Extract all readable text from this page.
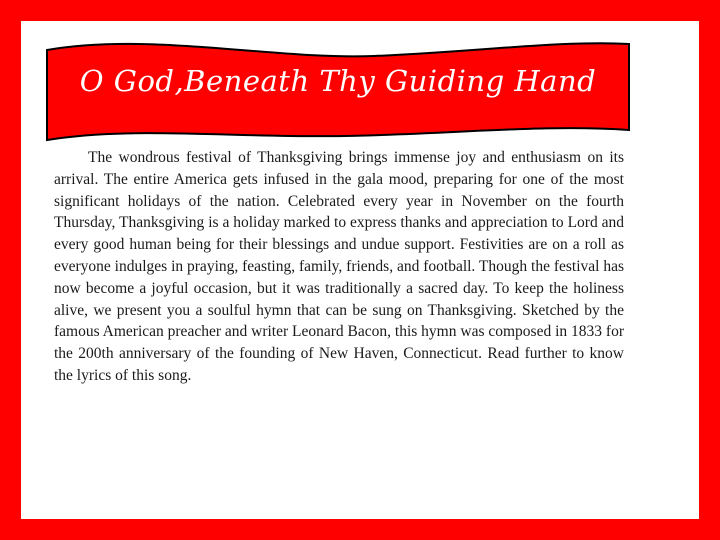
O God,Beneath Thy Guiding Hand

The wondrous festival of Thanksgiving brings immense joy and enthusiasm on its arrival. The entire America gets infused in the gala mood, preparing for one of the most significant holidays of the nation. Celebrated every year in November on the fourth Thursday, Thanksgiving is a holiday marked to express thanks and appreciation to Lord and every good human being for their blessings and undue support. Festivities are on a roll as everyone indulges in praying, feasting, family, friends, and football. Though the festival has now become a joyful occasion, but it was traditionally a sacred day. To keep the holiness alive, we present you a soulful hymn that can be sung on Thanksgiving. Sketched by the famous American preacher and writer Leonard Bacon, this hymn was composed in 1833 for the 200th anniversary of the founding of New Haven, Connecticut. Read further to know the lyrics of this song.
